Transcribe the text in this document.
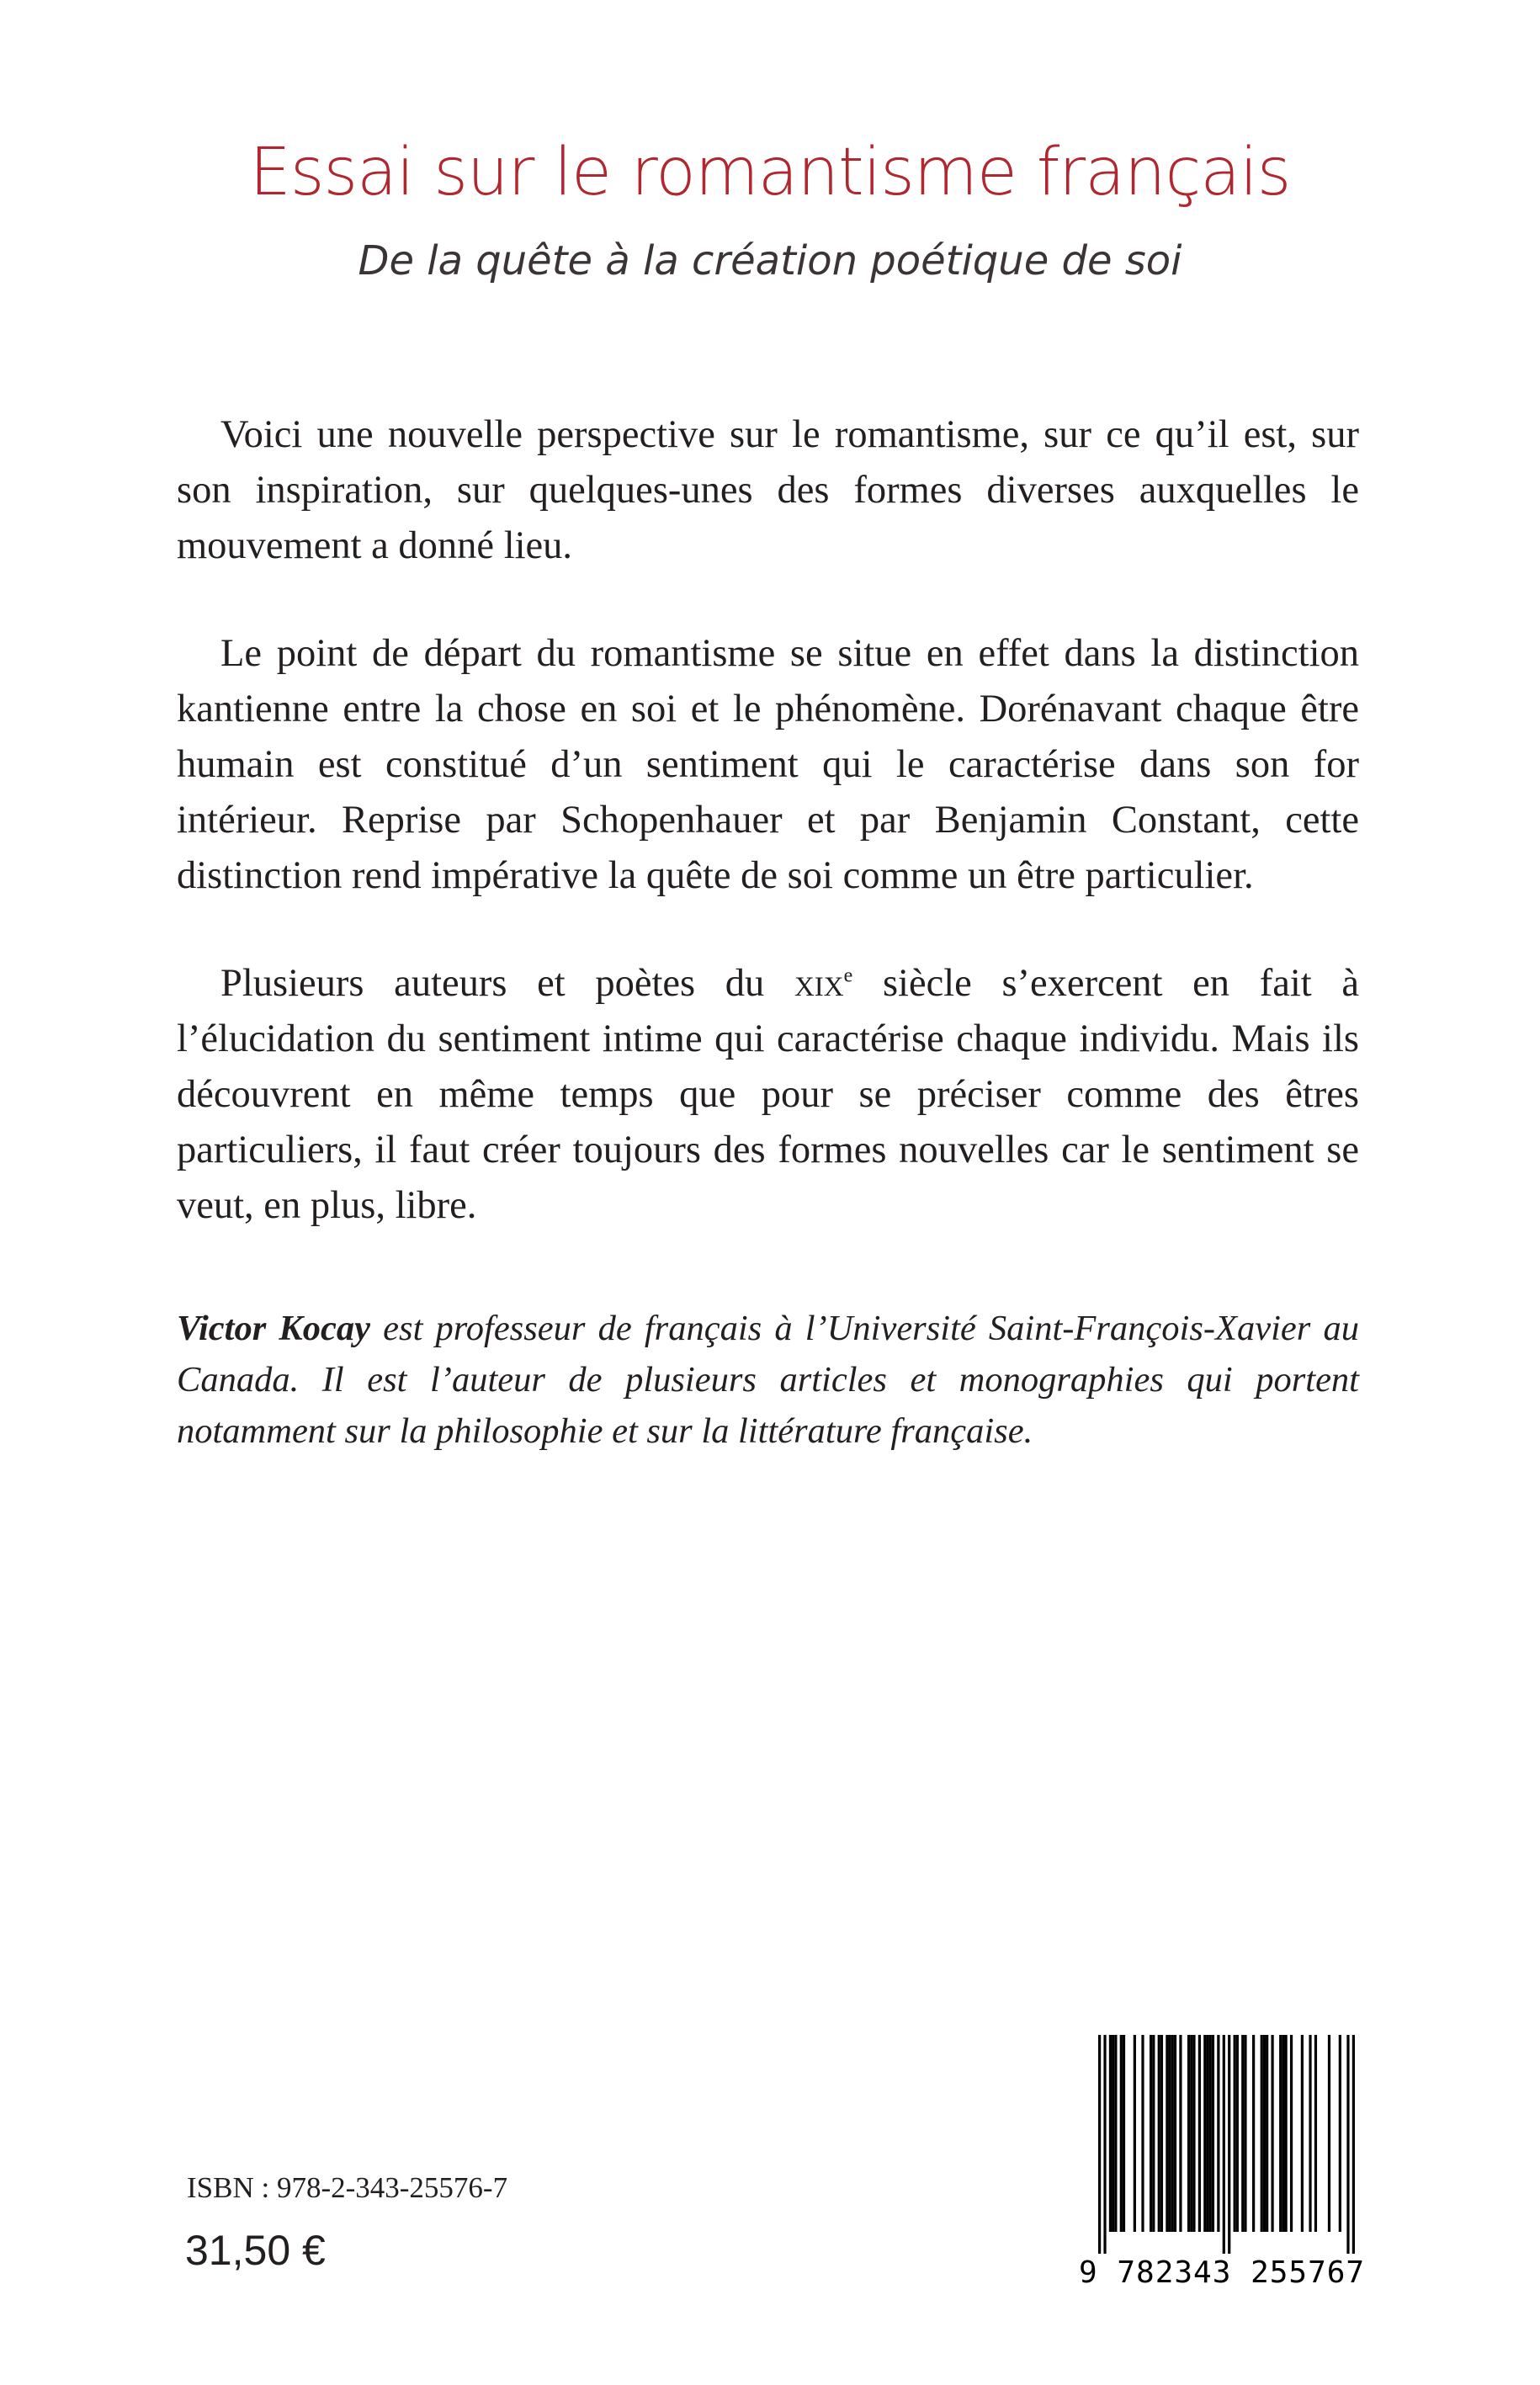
Essai sur le romantisme français
De la quête à la création poétique de soi

Voici une nouvelle perspective sur le romantisme, sur ce qu’il est, sur son inspiration, sur quelques-unes des formes diverses auxquelles le mouvement a donné lieu.

Le point de départ du romantisme se situe en effet dans la distinction kantienne entre la chose en soi et le phénomène. Dorénavant chaque être humain est constitué d’un sentiment qui le caractérise dans son for intérieur. Reprise par Schopenhauer et par Benjamin Constant, cette distinction rend impérative la quête de soi comme un être particulier.

Plusieurs auteurs et poètes du xix$^e$ siècle s’exercent en fait à l’élucidation du sentiment intime qui caractérise chaque individu. Mais ils découvrent en même temps que pour se préciser comme des êtres particuliers, il faut créer toujours des formes nouvelles car le sentiment se veut, en plus, libre.

Victor Kocay est professeur de français à l’Université Saint-François-Xavier au Canada. Il est l’auteur de plusieurs articles et monographies qui portent notamment sur la philosophie et sur la littérature française.
ISBN : 978-2-343-25576-7
31,50 €	9 782343 255767
